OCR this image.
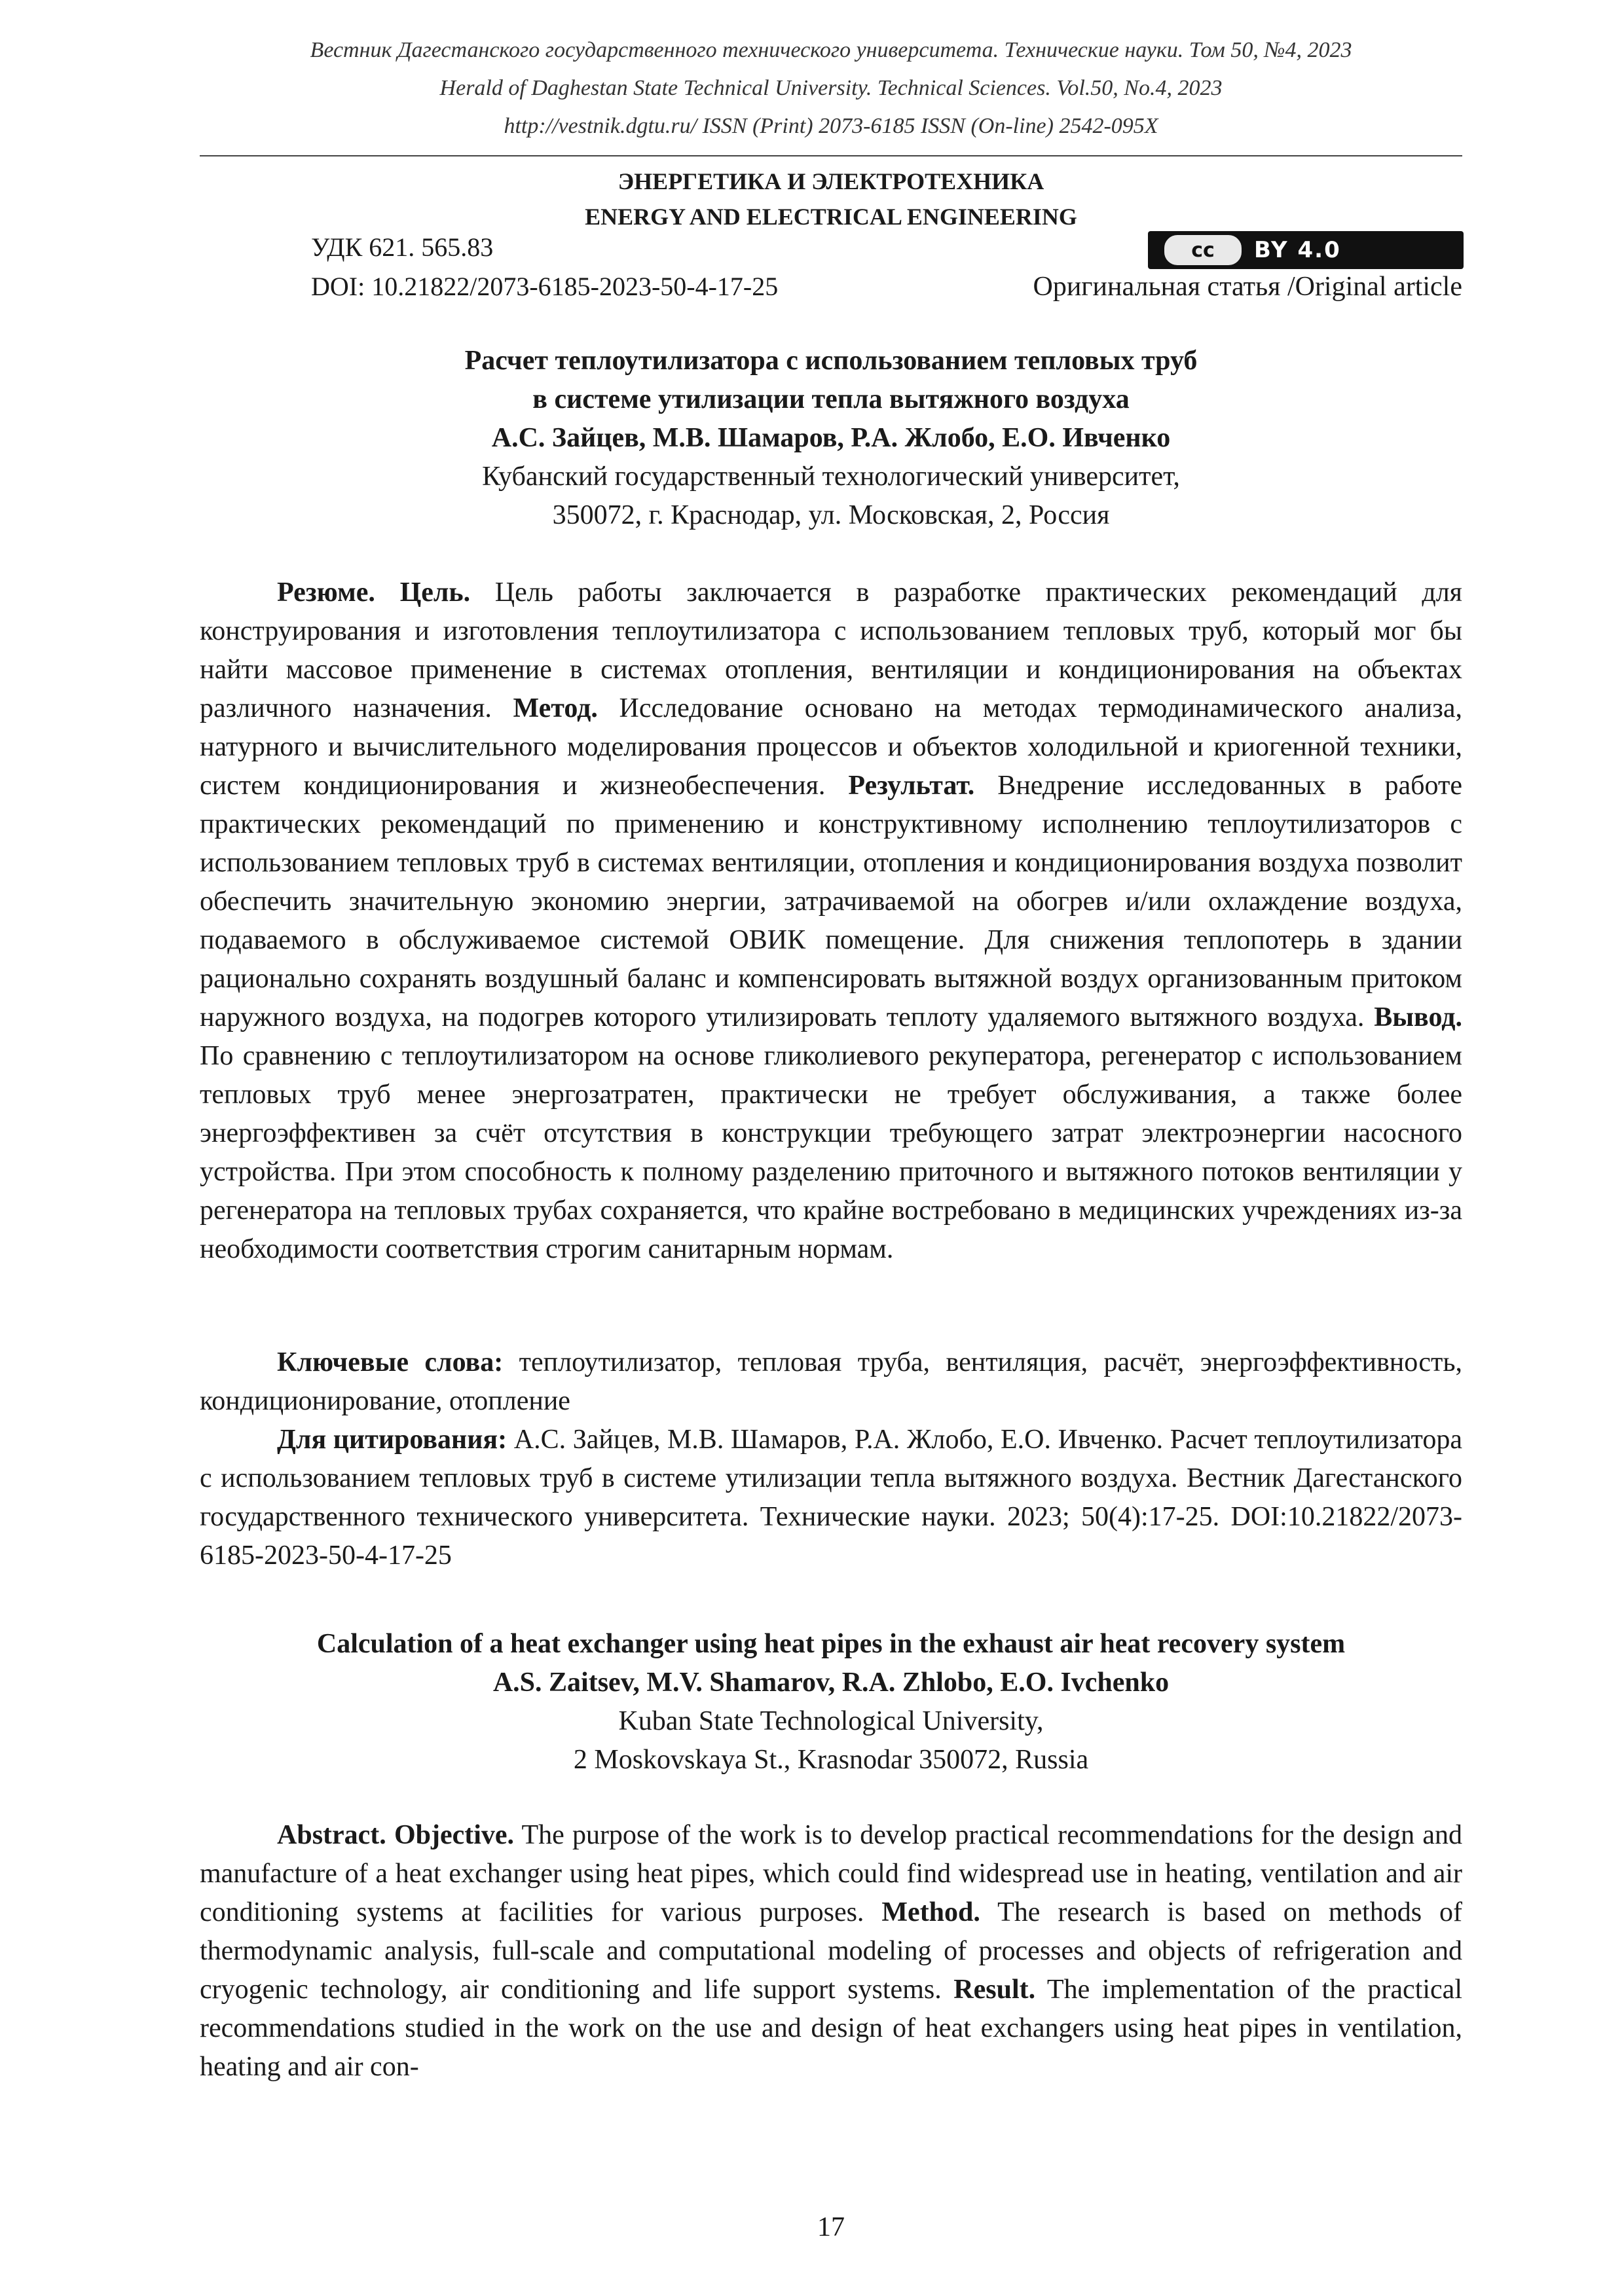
Вестник Дагестанского государственного технического университета. Технические науки. Том 50, №4, 2023
Herald of Daghestan State Technical University. Technical Sciences. Vol.50, No.4, 2023
http://vestnik.dgtu.ru/ ISSN (Print) 2073-6185 ISSN (On-line) 2542-095X
ЭНЕРГЕТИКА И ЭЛЕКТРОТЕХНИКА
ENERGY AND ELECTRICAL ENGINEERING
УДК 621. 565.83
DOI: 10.21822/2073-6185-2023-50-4-17-25
cc	BY 4.0
Оригинальная статья /Original article
Расчет теплоутилизатора с использованием тепловых труб
в системе утилизации тепла вытяжного воздуха
А.С. Зайцев, М.В. Шамаров, Р.А. Жлобо, Е.О. Ивченко
Кубанский государственный технологический университет,
350072, г. Краснодар, ул. Московская, 2, Россия
Резюме. Цель. Цель работы заключается в разработке практических рекомендаций для конструирования и изготовления теплоутилизатора с использованием тепловых труб, который мог бы найти массовое применение в системах отопления, вентиляции и кондиционирования на объектах различного назначения. Метод. Исследование основано на методах термодинамического анализа, натурного и вычислительного моделирования процессов и объектов холодильной и криогенной техники, систем кондиционирования и жизнеобеспечения. Результат. Внедрение исследованных в работе практических рекомендаций по применению и конструктивному исполнению теплоутилизаторов с использованием тепловых труб в системах вентиляции, отопления и кондиционирования воздуха позволит обеспечить значительную экономию энергии, затрачиваемой на обогрев и/или охлаждение воздуха, подаваемого в обслуживаемое системой ОВИК помещение. Для снижения теплопотерь в здании рационально сохранять воздушный баланс и компенсировать вытяжной воздух организованным притоком наружного воздуха, на подогрев которого утилизировать теплоту удаляемого вытяжного воздуха. Вывод. По сравнению с теплоутилизатором на основе гликолиевого рекуператора, регенератор с использованием тепловых труб менее энергозатратен, практически не требует обслуживания, а также более энергоэффективен за счёт отсутствия в конструкции требующего затрат электроэнергии насосного устройства. При этом способность к полному разделению приточного и вытяжного потоков вентиляции у регенератора на тепловых трубах сохраняется, что крайне востребовано в медицинских учреждениях из-за необходимости соответствия строгим санитарным нормам.
Ключевые слова: теплоутилизатор, тепловая труба, вентиляция, расчёт, энергоэффективность, кондиционирование, отопление
Для цитирования: А.С. Зайцев, М.В. Шамаров, Р.А. Жлобо, Е.О. Ивченко. Расчет теплоутилизатора с использованием тепловых труб в системе утилизации тепла вытяжного воздуха. Вестник Дагестанского государственного технического университета. Технические науки. 2023; 50(4):17-25. DOI:10.21822/2073-6185-2023-50-4-17-25
Calculation of a heat exchanger using heat pipes in the exhaust air heat recovery system
A.S. Zaitsev, M.V. Shamarov, R.A. Zhlobo, E.O. Ivchenko
Kuban State Technological University,
2 Moskovskaya St., Krasnodar 350072, Russia
Abstract. Objective. The purpose of the work is to develop practical recommendations for the design and manufacture of a heat exchanger using heat pipes, which could find widespread use in heating, ventilation and air conditioning systems at facilities for various purposes. Method. The research is based on methods of thermodynamic analysis, full-scale and computational modeling of processes and objects of refrigeration and cryogenic technology, air conditioning and life support systems. Result. The implementation of the practical recommendations studied in the work on the use and design of heat exchangers using heat pipes in ventilation, heating and air con-
17
